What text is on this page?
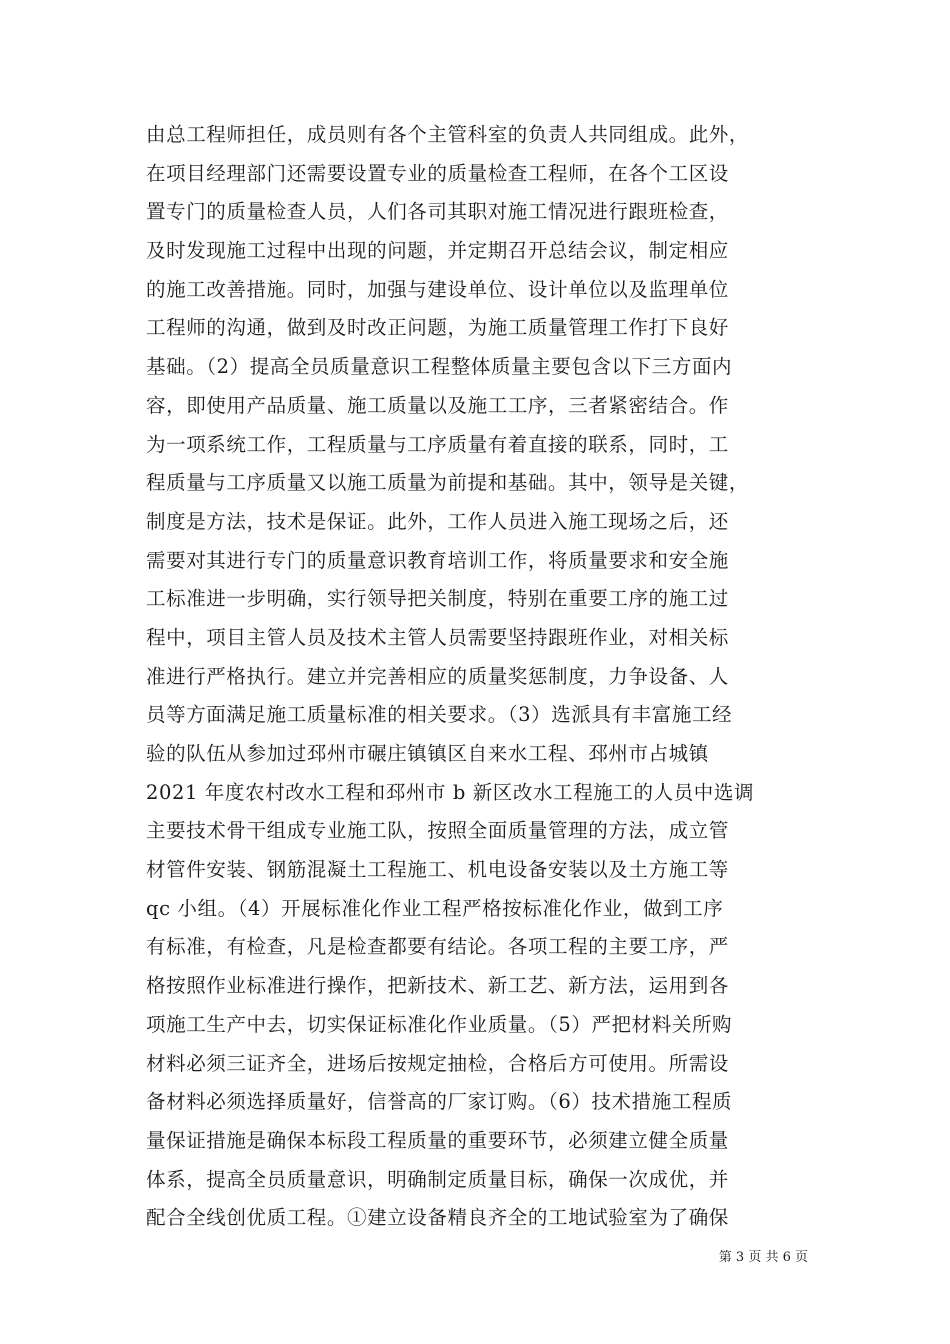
由总工程师担任，成员则有各个主管科室的负责人共同组成。此外，
在项目经理部门还需要设置专业的质量检查工程师，在各个工区设
置专门的质量检查人员，人们各司其职对施工情况进行跟班检查，
及时发现施工过程中出现的问题，并定期召开总结会议，制定相应
的施工改善措施。同时，加强与建设单位、设计单位以及监理单位
工程师的沟通，做到及时改正问题，为施工质量管理工作打下良好
基础。（2）提高全员质量意识工程整体质量主要包含以下三方面内
容，即使用产品质量、施工质量以及施工工序，三者紧密结合。作
为一项系统工作，工程质量与工序质量有着直接的联系，同时，工
程质量与工序质量又以施工质量为前提和基础。其中，领导是关键，
制度是方法，技术是保证。此外，工作人员进入施工现场之后，还
需要对其进行专门的质量意识教育培训工作，将质量要求和安全施
工标准进一步明确，实行领导把关制度，特别在重要工序的施工过
程中，项目主管人员及技术主管人员需要坚持跟班作业，对相关标
准进行严格执行。建立并完善相应的质量奖惩制度，力争设备、人
员等方面满足施工质量标准的相关要求。（3）选派具有丰富施工经
验的队伍从参加过邳州市碾庄镇镇区自来水工程、邳州市占城镇
2021 年度农村改水工程和邳州市 b 新区改水工程施工的人员中选调
主要技术骨干组成专业施工队，按照全面质量管理的方法，成立管
材管件安装、钢筋混凝土工程施工、机电设备安装以及土方施工等
qc 小组。（4）开展标准化作业工程严格按标准化作业，做到工序
有标准，有检查，凡是检查都要有结论。各项工程的主要工序，严
格按照作业标准进行操作，把新技术、新工艺、新方法，运用到各
项施工生产中去，切实保证标准化作业质量。（5）严把材料关所购
材料必须三证齐全，进场后按规定抽检，合格后方可使用。所需设
备材料必须选择质量好，信誉高的厂家订购。（6）技术措施工程质
量保证措施是确保本标段工程质量的重要环节，必须建立健全质量
体系，提高全员质量意识，明确制定质量目标，确保一次成优，并
配合全线创优质工程。①建立设备精良齐全的工地试验室为了确保
第 3 页 共 6 页
